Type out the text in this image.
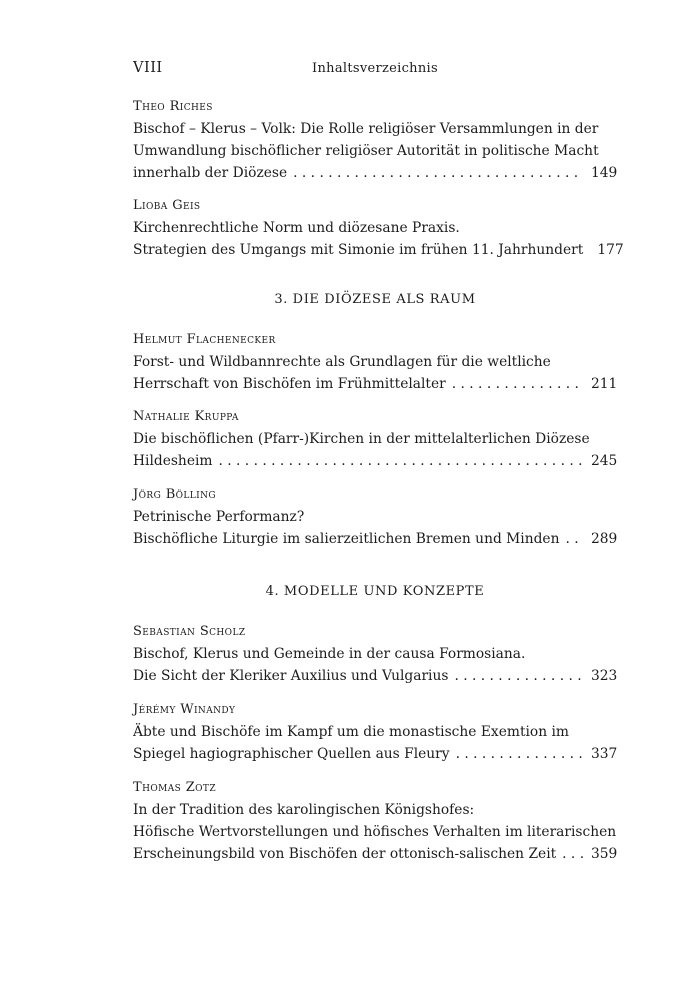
VIII	Inhaltsverzeichnis
Theo Riches
Bischof – Klerus – Volk: Die Rolle religiöser Versammlungen in der
Umwandlung bischöflicher religiöser Autorität in politische Macht
innerhalb der Diözese . . .	149
Lioba Geis
Kirchenrechtliche Norm und diözesane Praxis.
Strategien des Umgangs mit Simonie im frühen 11. Jahrhundert 177
3. DIE DIÖZESE ALS RAUM
Helmut Flachenecker
Forst- und Wildbannrechte als Grundlagen für die weltliche
Herrschaft von Bischöfen im Frühmittelalter . . .	211
Nathalie Kruppa
Die bischöflichen (Pfarr-)Kirchen in der mittelalterlichen Diözese
Hildesheim . . .	245
Jörg Bölling
Petrinische Performanz?
Bischöfliche Liturgie im salierzeitlichen Bremen und Minden . . . 289
4. MODELLE UND KONZEPTE
Sebastian Scholz
Bischof, Klerus und Gemeinde in der causa Formosiana.
Die Sicht der Kleriker Auxilius und Vulgarius . . .	323
Jérémy Winandy
Äbte und Bischöfe im Kampf um die monastische Exemtion im
Spiegel hagiographischer Quellen aus Fleury . . .	337
Thomas Zotz
In der Tradition des karolingischen Königshofes:
Höfische Wertvorstellungen und höfisches Verhalten im literarischen
Erscheinungsbild von Bischöfen der ottonisch-salischen Zeit . . .	359
